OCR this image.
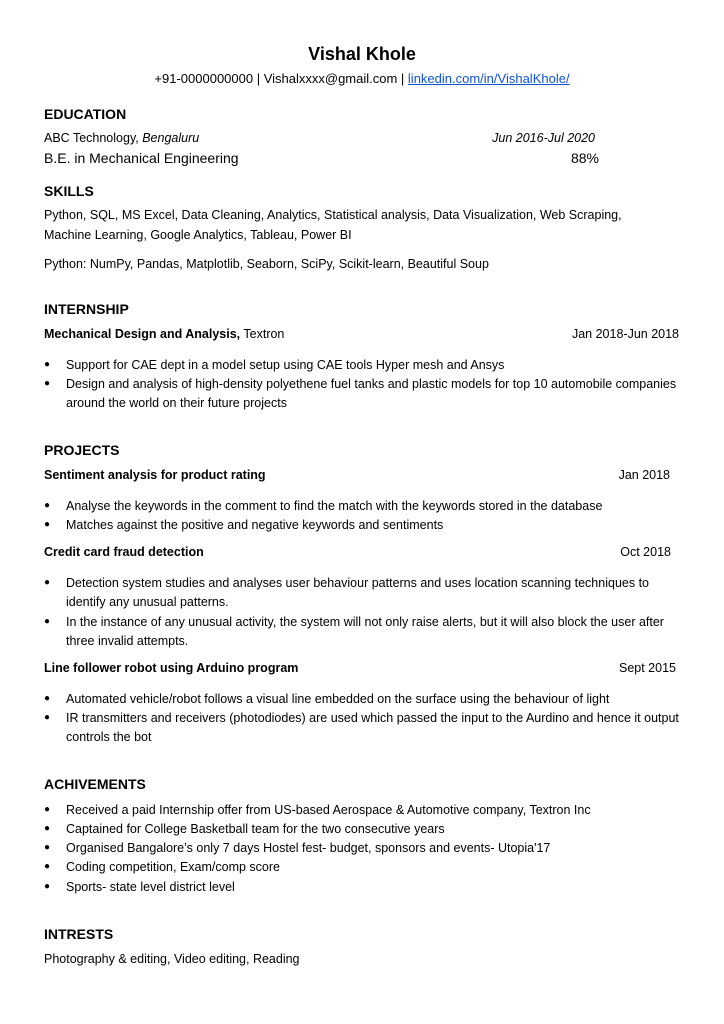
Vishal Khole
+91-0000000000 | Vishalxxxx@gmail.com | linkedin.com/in/VishalKhole/
EDUCATION
ABC Technology, Bengaluru	Jun 2016-Jul 2020
B.E. in Mechanical Engineering	88%
SKILLS
Python, SQL, MS Excel, Data Cleaning, Analytics, Statistical analysis, Data Visualization, Web Scraping,
Machine Learning, Google Analytics, Tableau, Power BI
Python: NumPy, Pandas, Matplotlib, Seaborn, SciPy, Scikit-learn, Beautiful Soup
INTERNSHIP
Mechanical Design and Analysis, Textron	Jan 2018-Jun 2018
●
Support for CAE dept in a model setup using CAE tools Hyper mesh and Ansys
●
Design and analysis of high-density polyethene fuel tanks and plastic models for top 10 automobile companies around the world on their future projects
PROJECTS
Sentiment analysis for product rating	Jan 2018
●
Analyse the keywords in the comment to find the match with the keywords stored in the database
●
Matches against the positive and negative keywords and sentiments
Credit card fraud detection	Oct 2018
●
Detection system studies and analyses user behaviour patterns and uses location scanning techniques to identify any unusual patterns.
●
In the instance of any unusual activity, the system will not only raise alerts, but it will also block the user after three invalid attempts.
Line follower robot using Arduino program	Sept 2015
●
Automated vehicle/robot follows a visual line embedded on the surface using the behaviour of light
●
IR transmitters and receivers (photodiodes) are used which passed the input to the Aurdino and hence it output controls the bot
ACHIVEMENTS
●
Received a paid Internship offer from US-based Aerospace & Automotive company, Textron Inc
●
Captained for College Basketball team for the two consecutive years
●
Organised Bangalore’s only 7 days Hostel fest- budget, sponsors and events- Utopia'17
●
Coding competition, Exam/comp score
●
Sports- state level district level
INTRESTS
Photography & editing, Video editing, Reading
